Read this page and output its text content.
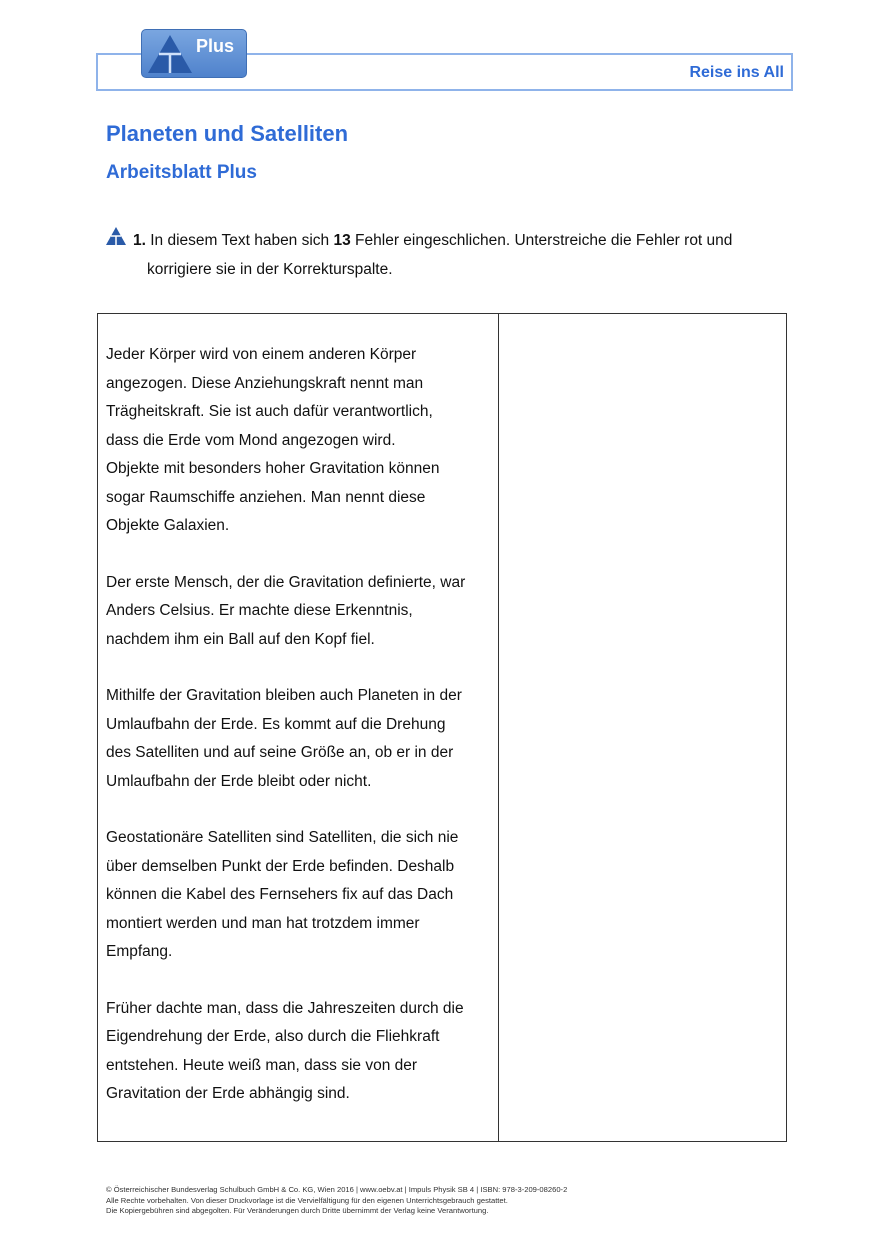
Plus
Reise ins All
Planeten und Satelliten
Arbeitsblatt Plus
1. In diesem Text haben sich 13 Fehler eingeschlichen. Unterstreiche die Fehler rot und
korrigiere sie in der Korrekturspalte.

Jeder Körper wird von einem anderen Körper
angezogen. Diese Anziehungskraft nennt man
Trägheitskraft. Sie ist auch dafür verantwortlich,
dass die Erde vom Mond angezogen wird.
Objekte mit besonders hoher Gravitation können
sogar Raumschiffe anziehen. Man nennt diese
Objekte Galaxien.

Der erste Mensch, der die Gravitation definierte, war
Anders Celsius. Er machte diese Erkenntnis,
nachdem ihm ein Ball auf den Kopf fiel.

Mithilfe der Gravitation bleiben auch Planeten in der
Umlaufbahn der Erde. Es kommt auf die Drehung
des Satelliten und auf seine Größe an, ob er in der
Umlaufbahn der Erde bleibt oder nicht.

Geostationäre Satelliten sind Satelliten, die sich nie
über demselben Punkt der Erde befinden. Deshalb
können die Kabel des Fernsehers fix auf das Dach
montiert werden und man hat trotzdem immer
Empfang.

Früher dachte man, dass die Jahreszeiten durch die
Eigendrehung der Erde, also durch die Fliehkraft
entstehen. Heute weiß man, dass sie von der
Gravitation der Erde abhängig sind.

© Österreichischer Bundesverlag Schulbuch GmbH & Co. KG, Wien 2016 | www.oebv.at | Impuls Physik SB 4 | ISBN: 978-3-209-08260-2
Alle Rechte vorbehalten. Von dieser Druckvorlage ist die Vervielfältigung für den eigenen Unterrichtsgebrauch gestattet.
Die Kopiergebühren sind abgegolten. Für Veränderungen durch Dritte übernimmt der Verlag keine Verantwortung.
